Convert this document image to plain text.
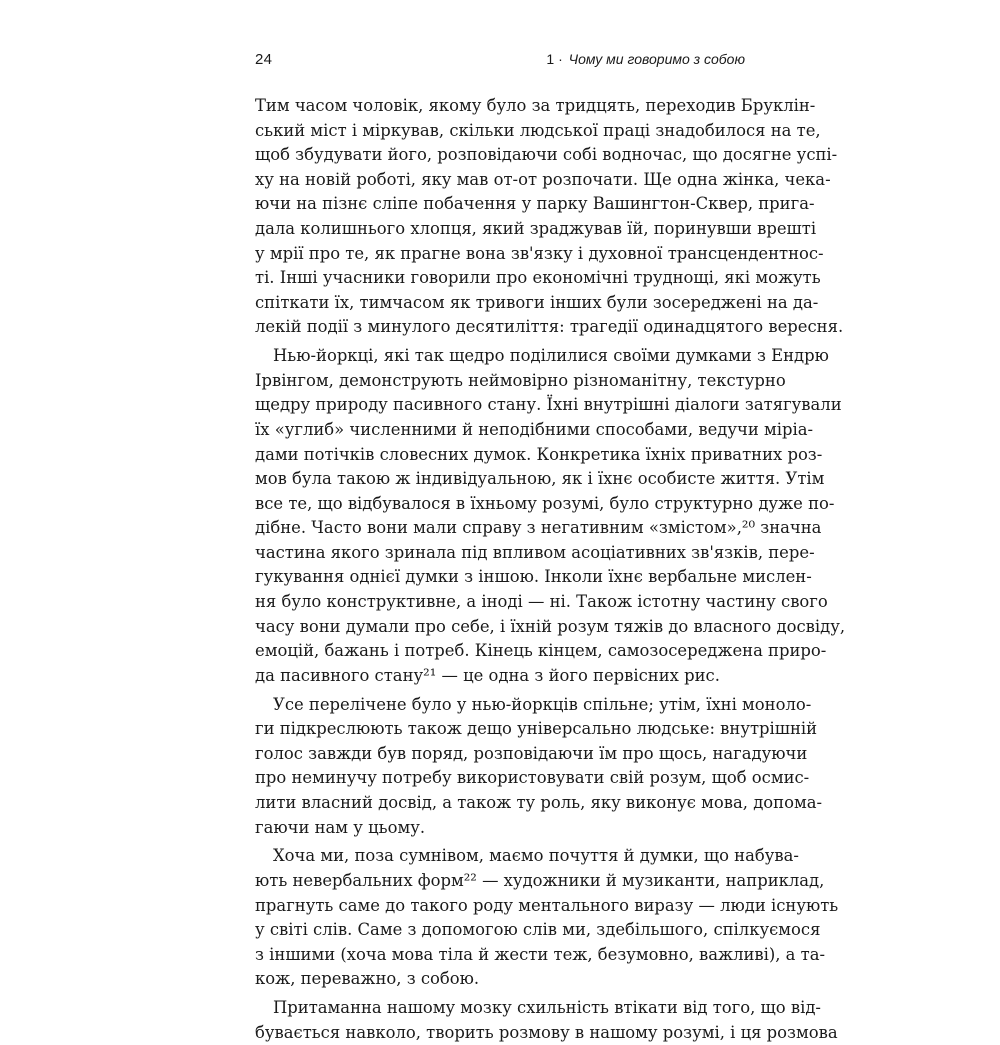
24	1 · Чому ми говоримо з собою
Тим часом чоловік, якому було за тридцять, переходив Бруклін-
ський міст і міркував, скільки людської праці знадобилося на те,
щоб збудувати його, розповідаючи собі водночас, що досягне успі-
ху на новій роботі, яку мав от-от розпочати. Ще одна жінка, чека-
ючи на пізнє сліпе побачення у парку Вашингтон-Сквер, пригa-
дала колишнього хлопця, який зраджував їй, поринувши врешті
у мрії про те, як прагне вона зв'язку і духовної трансцендентнос-
ті. Інші учасники говорили про економічні труднощі, які можуть
спіткати їх, тимчасом як тривоги інших були зосереджені на да-
лекій події з минулого десятиліття: трагедії одинадцятого вересня.
Нью-йоркці, які так щедро поділилися своїми думками з Ендрю
Ірвінгом, демонструють неймовірно різноманітну, текстурно
щедру природу пасивного стану. Їхні внутрішні діалоги затягували
їх «углиб» численними й неподібними способами, ведучи міріа-
дами потічків словесних думок. Конкретика їхніх приватних роз-
мов була такою ж індивідуальною, як і їхнє особисте життя. Утім
все те, що відбувалося в їхньому розумі, було структурно дуже по-
дібне. Часто вони мали справу з негативним «змістом»,²⁰ значна
частина якого зринала під впливом асоціативних зв'язків, пере-
гукування однієї думки з іншою. Інколи їхнє вербальне мислен-
ня було конструктивне, а іноді — ні. Також істотну частину свого
часу вони думали про себе, і їхній розум тяжів до власного досвіду,
емоцій, бажань і потреб. Кінець кінцем, самозосереджена приро-
да пасивного стану²¹ — це одна з його первісних рис.
Усе перелічене було у нью-йоркців спільне; утім, їхні моноло-
ги підкреслюють також дещо універсально людське: внутрішній
голос завжди був поряд, розповідаючи їм про щось, нагадуючи
про неминучу потребу використовувати свій розум, щоб осмис-
лити власний досвід, а також ту роль, яку виконує мова, допома-
гаючи нам у цьому.
Хоча ми, поза сумнівом, маємо почуття й думки, що набува-
ють невербальних форм²² — художники й музиканти, наприклад,
прагнуть саме до такого роду ментального виразу — люди існують
у світі слів. Саме з допомогою слів ми, здебільшого, спілкуємося
з іншими (хоча мова тіла й жести теж, безумовно, важливі), а та-
кож, переважно, з собою.
Притаманна нашому мозку схильність втікати від того, що від-
бувається навколо, творить розмову в нашому розумі, і ця розмова
